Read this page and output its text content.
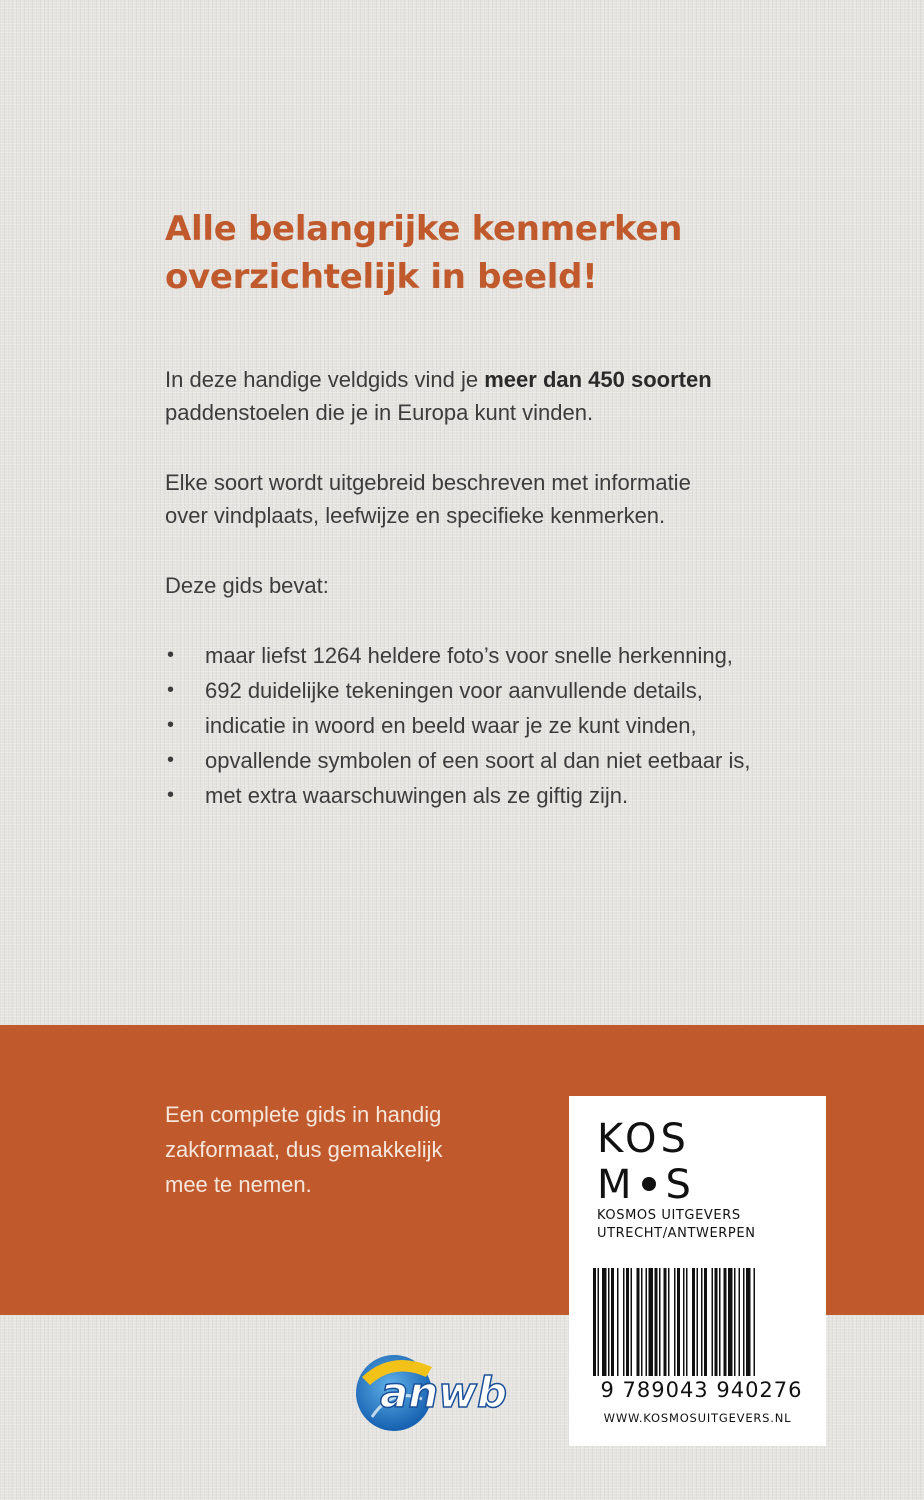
Alle belangrijke kenmerken
overzichtelijk in beeld!

In deze handige veldgids vind je meer dan 450 soorten
paddenstoelen die je in Europa kunt vinden.

Elke soort wordt uitgebreid beschreven met informatie
over vindplaats, leefwijze en specifieke kenmerken.

Deze gids bevat:

• maar liefst 1264 heldere foto’s voor snelle herkenning,
• 692 duidelijke tekeningen voor aanvullende details,
• indicatie in woord en beeld waar je ze kunt vinden,
• opvallende symbolen of een soort al dan niet eetbaar is,
• met extra waarschuwingen als ze giftig zijn.

Een complete gids in handig
zakformaat, dus gemakkelijk
mee te nemen.

KOS
M S
KOSMOS UITGEVERS
UTRECHT/ANTWERPEN
9 789043 940276
WWW.KOSMOSUITGEVERS.NL
anwb
